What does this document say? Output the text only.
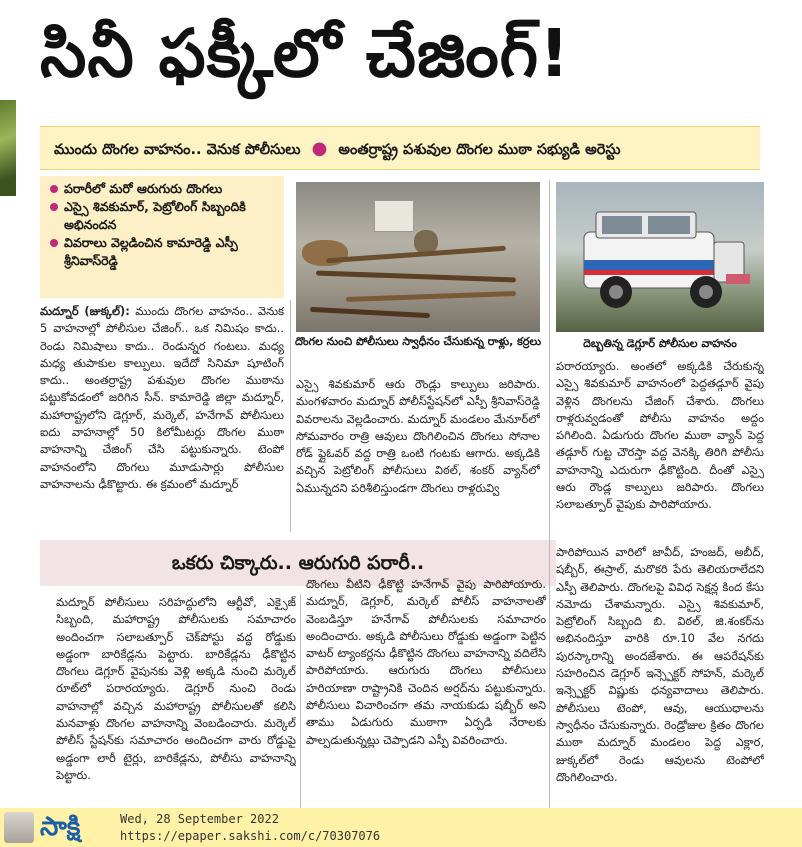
సినీ ఫక్కీలో చేజింగ్!
ముందు దొంగల వాహనం.. వెనుక పోలీసులు ● అంతర్రాష్ట్ర పశువుల దొంగల ముఠా సభ్యుడి అరెస్టు
పరారీలో మరో ఆరుగురు దొంగలు
ఎస్సై శివకుమార్, పెట్రోలింగ్ సిబ్బందికి అభినందన
వివరాలు వెల్లడించిన కామారెడ్డి ఎస్పీ శ్రీనివాస్‌రెడ్డి
దొంగల నుంచి పోలీసులు స్వాధీనం చేసుకున్న రాళ్లు, కర్రలు	దెబ్బతిన్న డెగ్లూర్ పోలీసుల వాహనం
మద్నూర్ (జుక్కల్): ముందు దొంగల వాహనం.. వెనుక 5 వాహనాల్లో పోలీసుల చేజింగ్.. ఒక నిమిషం కాదు.. రెండు నిమిషాలు కాదు.. రెండున్నర గంటలు. మధ్య మధ్య తుపాకుల కాల్పులు. ఇదేదో సినిమా షూటింగ్ కాదు.. అంతర్రాష్ట్ర పశువుల దొంగల ముఠాను పట్టుకోవడంలో జరిగిన సీన్. కామారెడ్డి జిల్లా మద్నూర్, మహారాష్ట్రలోని డెగ్లూర్, మర్కెల్, హనేగావ్ పోలీసులు ఐదు వాహనాల్లో 50 కిలోమీటర్లు దొంగల ముఠా వాహనాన్ని చేజింగ్ చేసి పట్టుకున్నారు. టెంపో వాహనంలోని దొంగలు మూడుసార్లు పోలీసుల వాహనాలను ఢీకొట్టారు. ఈ క్రమంలో మద్నూర్
ఎస్సై శివకుమార్ ఆరు రౌండ్లు కాల్పులు జరిపారు. మంగళవారం మద్నూర్ పోలీస్‌స్టేషన్‌లో ఎస్పీ శ్రీనివాస్‌రెడ్డి వివరాలను వెల్లడించారు. మద్నూర్ మండలం మేనూర్‌లో సోమవారం రాత్రి ఆవులు దొంగిలించిన దొంగలు సోనాల రోడ్ ఫ్లైఓవర్ వద్ద రాత్రి ఒంటి గంటకు ఆగారు. అక్కడికి వచ్చిన పెట్రోలింగ్ పోలీసులు విఠల్, శంకర్ వ్యాన్‌లో ఏమున్నదని పరిశీలిస్తుండగా దొంగలు రాళ్లరువ్వి
పరారయ్యారు. అంతలో అక్కడికి చేరుకున్న ఎస్సై శివకుమార్ వాహనంలో పెద్దతడ్గూర్ వైపు వెళ్లిన దొంగలను చేజింగ్ చేశారు. దొంగలు రాళ్లరువ్వడంతో పోలీసు వాహనం అద్దం పగిలింది. ఏడుగురు దొంగల ముఠా వ్యాన్ పెద్ద తడ్గూర్ గుట్ట చౌరస్తా వద్ద వెనక్కి తిరిగి పోలీసు వాహనాన్ని ఎదురుగా ఢీకొట్టింది. దీంతో ఎస్సై ఆరు రౌండ్ల కాల్పులు జరిపారు. దొంగలు సలాబత్పూర్ వైపుకు పారిపోయారు.
ఒకరు చిక్కారు.. ఆరుగురి పరారీ..
మద్నూర్ పోలీసులు సరిహద్దులోని ఆర్టీవో, ఎక్సైజ్ సిబ్బంది, మహారాష్ట్ర పోలీసులకు సమాచారం అందించగా సలాబత్పూర్ చెక్‌పోస్టు వద్ద రోడ్డుకు అడ్డంగా బారికేడ్లను పెట్టారు. బారికేడ్లను ఢీకొట్టిన దొంగలు డెగ్లూర్ వైపునకు వెళ్లి అక్కడి నుంచి మర్కెల్ రూట్‌లో పరారయ్యారు. డెగ్లూర్ నుంచి రెండు వాహనాల్లో వచ్చిన మహారాష్ట్ర పోలీసులతో కలిసి మనవాళ్లు దొంగల వాహనాన్ని వెంబడించారు. మర్కెల్ పోలీస్ స్టేషన్‌కు సమాచారం అందించగా వారు రోడ్డుపై అడ్డంగా లారీ టైర్లు, బారికేడ్లను, పోలీసు వాహనాన్ని పెట్టారు.
దొంగలు వీటిని ఢీకొట్టి హనేగావ్ వైపు పారిపోయారు. మద్నూర్, డెగ్లూర్, మర్కెల్ పోలీస్ వాహనాలతో వెంబడిస్తూ హనేగావ్ పోలీసులకు సమాచారం అందించారు. అక్కడి పోలీసులు రోడ్డుకు అడ్డంగా పెట్టిన వాటర్ ట్యాంకర్లను ఢీకొట్టిన దొంగలు వాహనాన్ని వదిలేసి పారిపోయారు. ఆరుగురు దొంగలు పోలీసులు హరియాణా రాష్ట్రానికి చెందిన అర్షద్‌ను పట్టుకున్నారు. పోలీసులు విచారించగా తమ నాయకుడు షబ్బీర్ అని తాము ఏడుగురు ముఠాగా ఏర్పడి నేరాలకు పాల్పడుతున్నట్లు చెప్పాడని ఎస్పీ వివరించారు.
పారిపోయిన వారిలో జావీద్, హంజద్, అబీద్, షబ్బీర్, ఈస్రాల్, మరొకరి పేరు తెలియరాలేదని ఎస్పీ తెలిపారు. దొంగలపై వివిధ సెక్షన్ల కింద కేసు నమోదు చేశామన్నారు. ఎస్సై శివకుమార్, పెట్రోలింగ్ సిబ్బంది బి. విఠల్, జి.శంకర్‌ను అభినందిస్తూ వారికి రూ.10 వేల నగదు పురస్కారాన్ని అందజేశారు. ఈ ఆపరేషన్‌కు సహరించిన డెగ్లూర్ ఇన్స్పెక్టర్ సోహన్, మర్కెల్ ఇన్స్పెక్టర్ విష్ణుకు ధన్యవాదాలు తెలిపారు. పోలీసులు టెంపో, ఆవు, ఆయుధాలను స్వాధీనం చేసుకున్నారు. రెండ్రోజుల క్రితం దొంగల ముఠా మద్నూర్ మండలం పెద్ద ఎక్లార, జుక్కల్‌లో రెండు ఆవులను టెంపోలో దొంగిలించారు.
సాక్షి	Wed, 28 September 2022
https://epaper.sakshi.com/c/70307076
